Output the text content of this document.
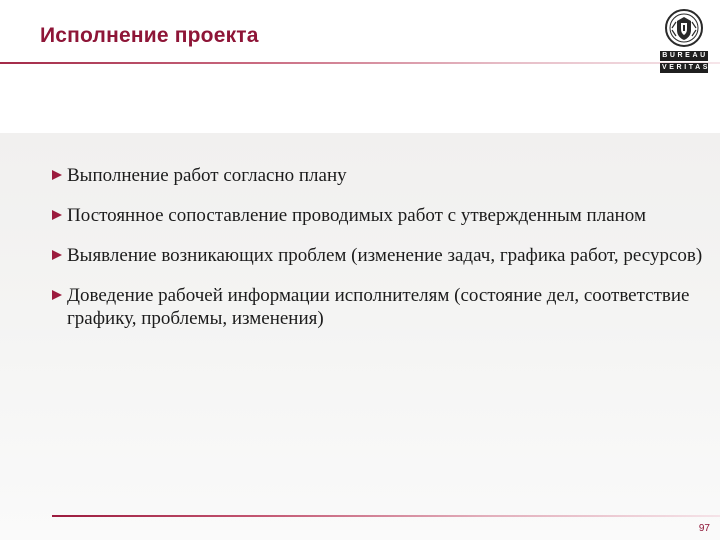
Исполнение проекта
BUREAU
VERITAS
Выполнение работ согласно плану
Постоянное сопоставление проводимых работ с утвержденным планом
Выявление возникающих проблем (изменение задач, графика работ, ресурсов)
Доведение рабочей информации исполнителям (состояние дел, соответствие графику, проблемы, изменения)
97
